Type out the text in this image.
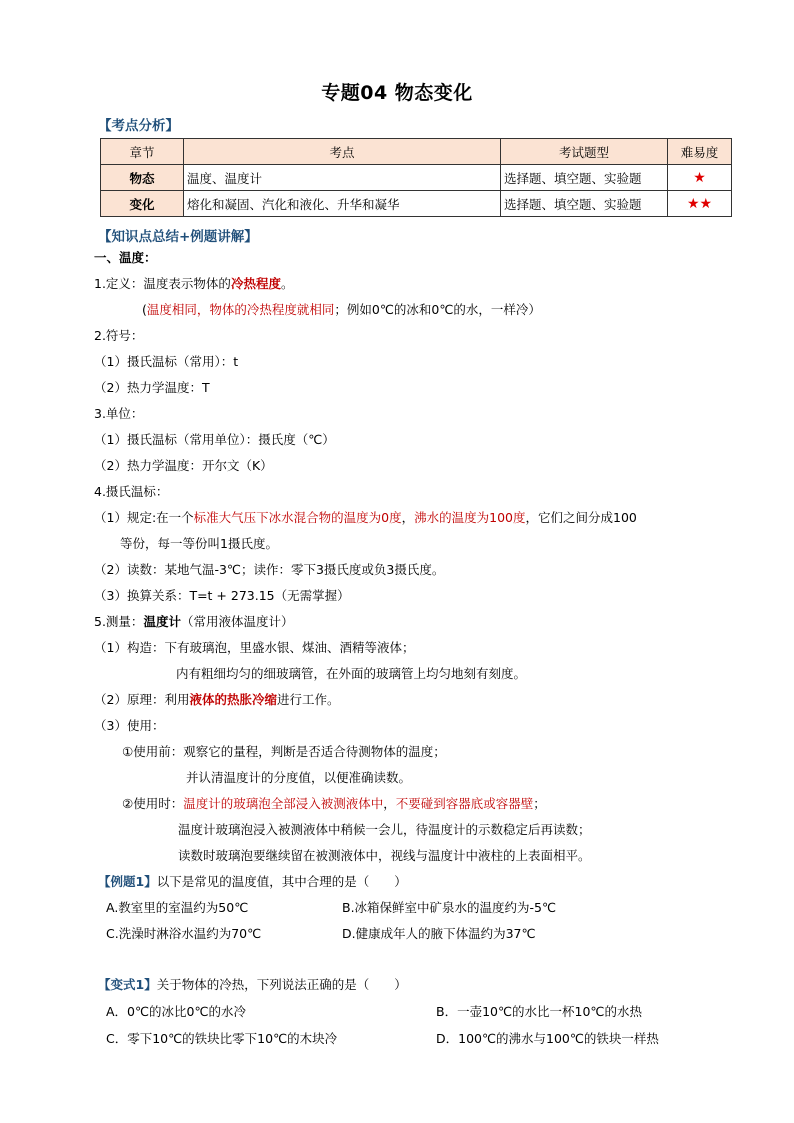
专题04 物态变化
【考点分析】
章节	考点	考试题型	难易度
物态	温度、温度计	选择题、填空题、实验题	★
变化	熔化和凝固、汽化和液化、升华和凝华	选择题、填空题、实验题	★★
【知识点总结+例题讲解】
一、温度：
1.定义：温度表示物体的冷热程度。
(温度相同，物体的冷热程度就相同；例如0℃的冰和0℃的水，一样冷）
2.符号：
（1）摄氏温标（常用）：t
（2）热力学温度：T
3.单位：
（1）摄氏温标（常用单位）：摄氏度（℃）
（2）热力学温度：开尔文（K）
4.摄氏温标：
（1）规定:在一个标准大气压下冰水混合物的温度为0度，沸水的温度为100度，它们之间分成100
等份，每一等份叫1摄氏度。
（2）读数：某地气温-3℃；读作：零下3摄氏度或负3摄氏度。
（3）换算关系：T=t + 273.15（无需掌握）
5.测量：温度计（常用液体温度计）
（1）构造：下有玻璃泡，里盛水银、煤油、酒精等液体；
内有粗细均匀的细玻璃管，在外面的玻璃管上均匀地刻有刻度。
（2）原理：利用液体的热胀冷缩进行工作。
（3）使用：
①使用前：观察它的量程，判断是否适合待测物体的温度；
并认清温度计的分度值，以便准确读数。
②使用时：温度计的玻璃泡全部浸入被测液体中，不要碰到容器底或容器壁；
温度计玻璃泡浸入被测液体中稍候一会儿，待温度计的示数稳定后再读数；
读数时玻璃泡要继续留在被测液体中，视线与温度计中液柱的上表面相平。
【例题1】以下是常见的温度值，其中合理的是（　　）
A.教室里的室温约为50℃	B.冰箱保鲜室中矿泉水的温度约为-5℃
C.洗澡时淋浴水温约为70℃	D.健康成年人的腋下体温约为37℃
【变式1】关于物体的冷热，下列说法正确的是（　　）
A．0℃的冰比0℃的水冷	B．一壶10℃的水比一杯10℃的水热
C．零下10℃的铁块比零下10℃的木块冷	D．100℃的沸水与100℃的铁块一样热
